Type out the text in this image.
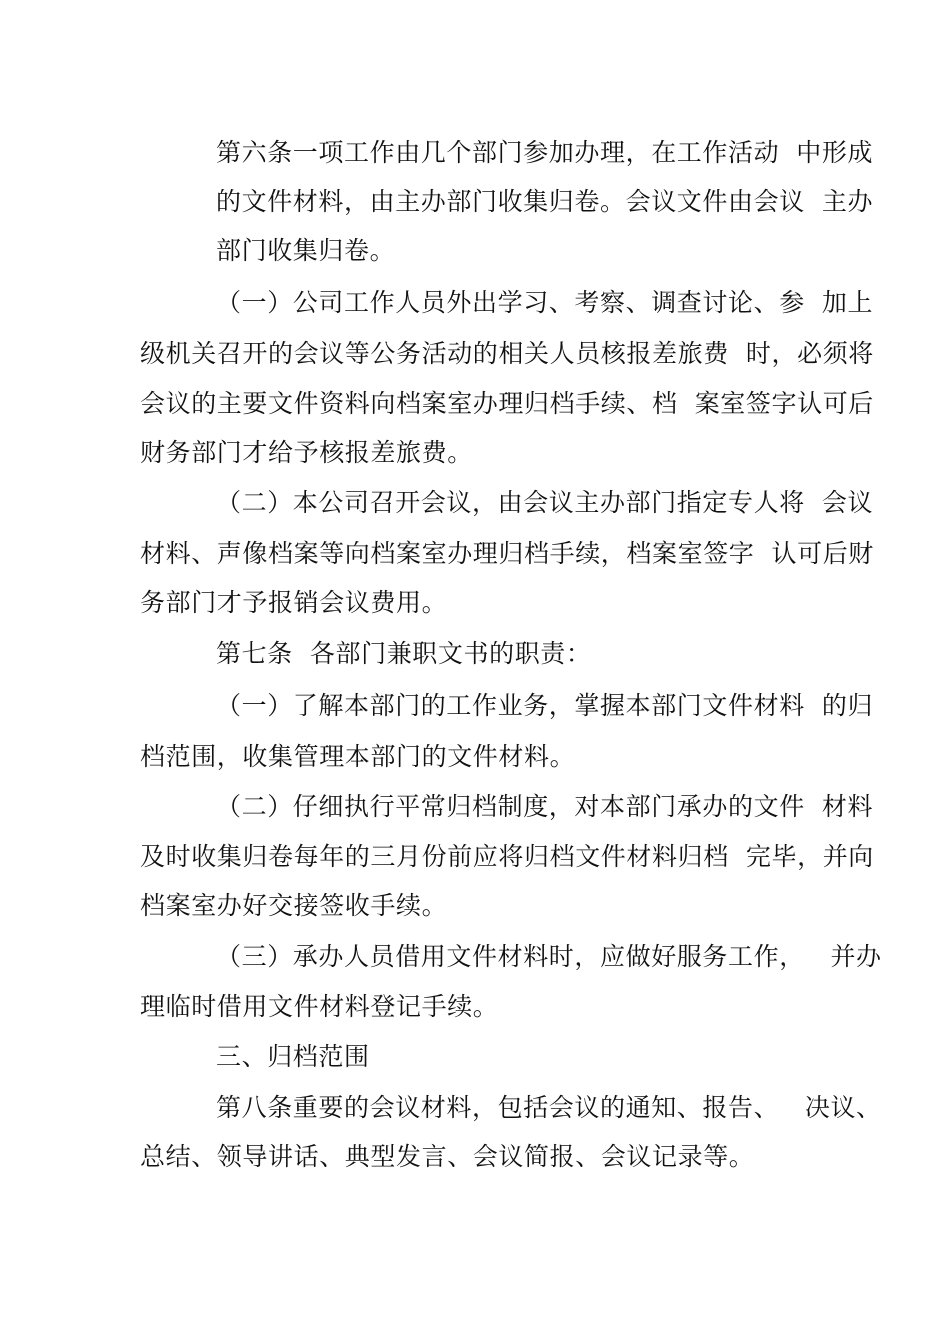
第六条一项工作由几个部门参加办理，在工作活动  中形成
的文件材料，由主办部门收集归卷。会议文件由会议  主办
部门收集归卷。
（一）公司工作人员外出学习、考察、调查讨论、参  加上
级机关召开的会议等公务活动的相关人员核报差旅费  时，必须将
会议的主要文件资料向档案室办理归档手续、档  案室签字认可后
财务部门才给予核报差旅费。
（二）本公司召开会议，由会议主办部门指定专人将  会议
材料、声像档案等向档案室办理归档手续，档案室签字  认可后财
务部门才予报销会议费用。
第七条  各部门兼职文书的职责：
（一）了解本部门的工作业务，掌握本部门文件材料  的归
档范围，收集管理本部门的文件材料。
（二）仔细执行平常归档制度，对本部门承办的文件  材料
及时收集归卷每年的三月份前应将归档文件材料归档  完毕，并向
档案室办好交接签收手续。
（三）承办人员借用文件材料时，应做好服务工作，   并办
理临时借用文件材料登记手续。
三、归档范围
第八条重要的会议材料，包括会议的通知、报告、   决议、
总结、领导讲话、典型发言、会议简报、会议记录等。
